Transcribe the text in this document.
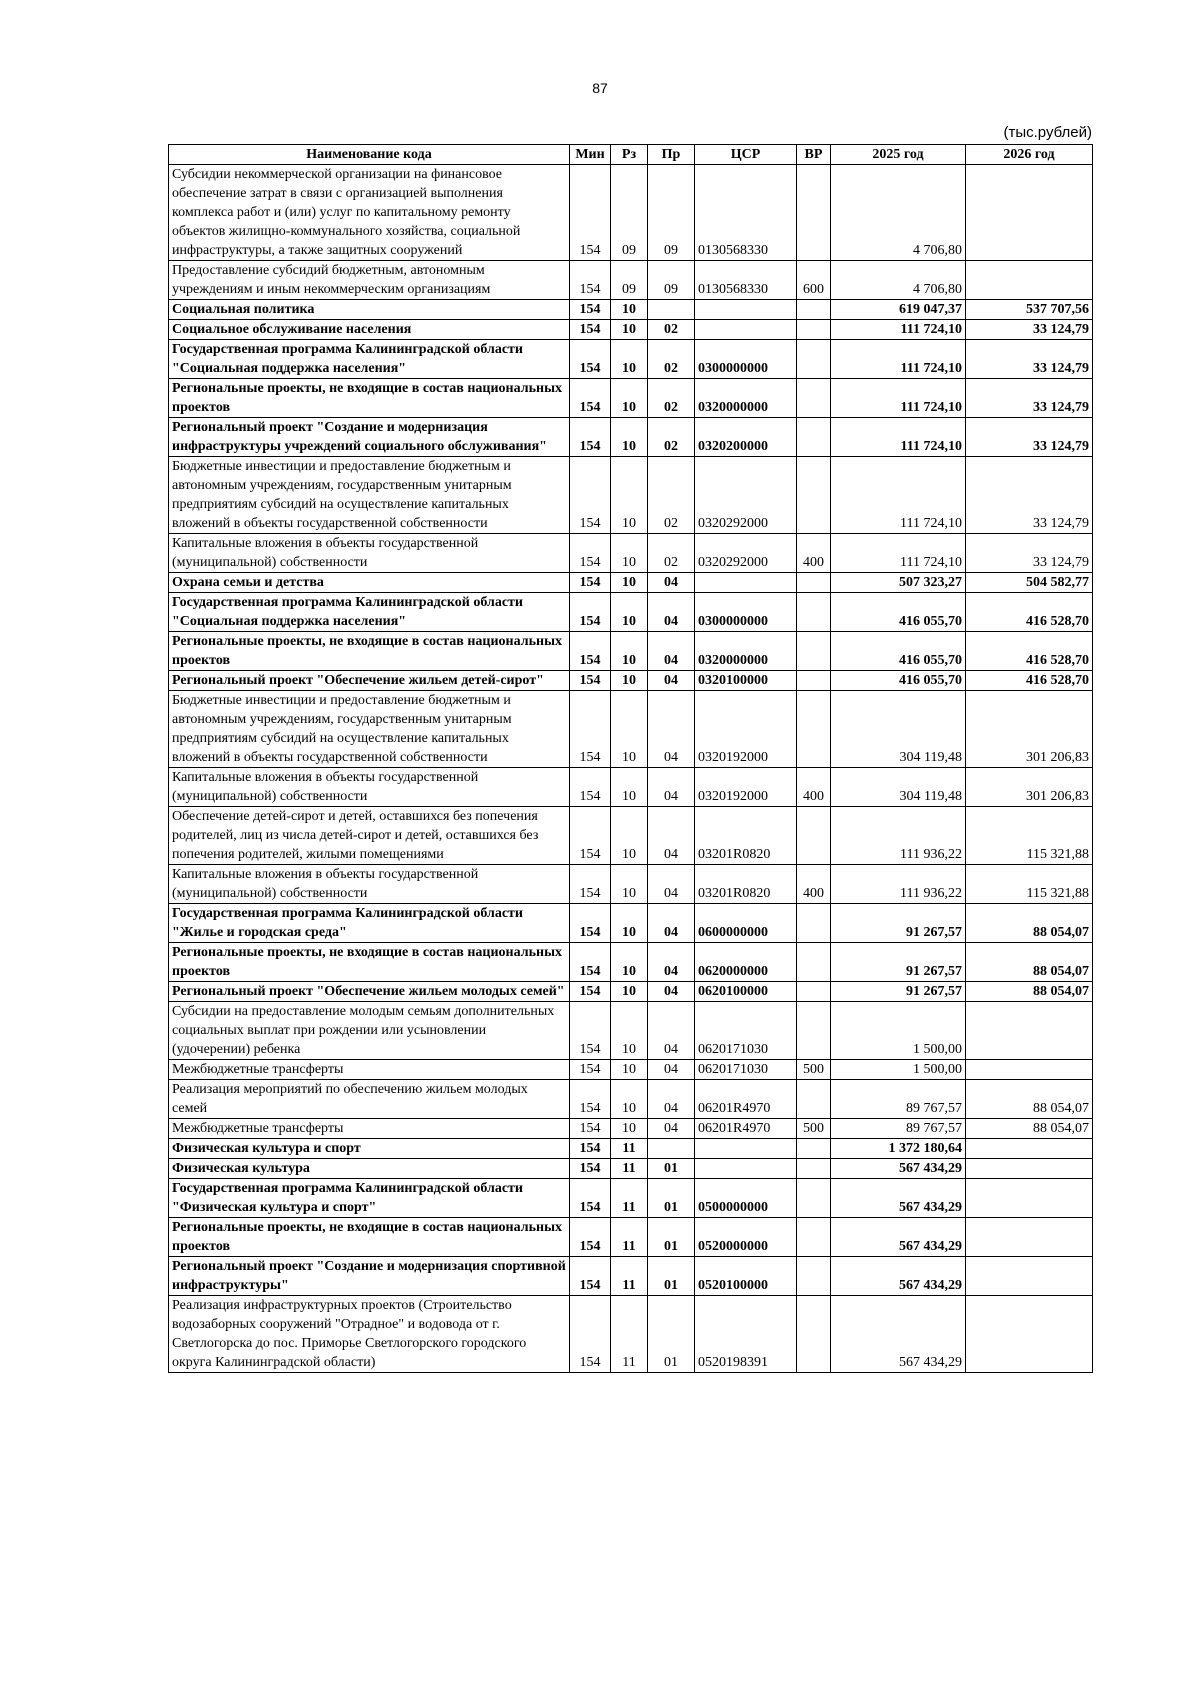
87
(тыс.рублей)
Наименование кода	Мин	Рз	Пр	ЦСР	ВР	2025 год	2026 год
Субсидии некоммерческой организации на финансовое обеспечение затрат в связи с организацией выполнения комплекса работ и (или) услуг по капитальному ремонту объектов жилищно-коммунального хозяйства, социальной инфраструктуры, а также защитных сооружений	154	09	09	0130568330		4 706,80	
Предоставление субсидий бюджетным, автономным учреждениям и иным некоммерческим организациям	154	09	09	0130568330	600	4 706,80	
Социальная политика	154	10				619 047,37	537 707,56
Социальное обслуживание населения	154	10	02			111 724,10	33 124,79
Государственная программа Калининградской области "Социальная поддержка населения"	154	10	02	0300000000		111 724,10	33 124,79
Региональные проекты, не входящие в состав национальных проектов	154	10	02	0320000000		111 724,10	33 124,79
Региональный проект "Создание и модернизация инфраструктуры учреждений социального обслуживания"	154	10	02	0320200000		111 724,10	33 124,79
Бюджетные инвестиции и предоставление бюджетным и автономным учреждениям, государственным унитарным предприятиям субсидий на осуществление капитальных вложений в объекты государственной собственности	154	10	02	0320292000		111 724,10	33 124,79
Капитальные вложения в объекты государственной (муниципальной) собственности	154	10	02	0320292000	400	111 724,10	33 124,79
Охрана семьи и детства	154	10	04			507 323,27	504 582,77
Государственная программа Калининградской области "Социальная поддержка населения"	154	10	04	0300000000		416 055,70	416 528,70
Региональные проекты, не входящие в состав национальных проектов	154	10	04	0320000000		416 055,70	416 528,70
Региональный проект "Обеспечение жильем детей-сирот"	154	10	04	0320100000		416 055,70	416 528,70
Бюджетные инвестиции и предоставление бюджетным и автономным учреждениям, государственным унитарным предприятиям субсидий на осуществление капитальных вложений в объекты государственной собственности	154	10	04	0320192000		304 119,48	301 206,83
Капитальные вложения в объекты государственной (муниципальной) собственности	154	10	04	0320192000	400	304 119,48	301 206,83
Обеспечение детей-сирот и детей, оставшихся без попечения родителей, лиц из числа детей-сирот и детей, оставшихся без попечения родителей, жилыми помещениями	154	10	04	03201R0820		111 936,22	115 321,88
Капитальные вложения в объекты государственной (муниципальной) собственности	154	10	04	03201R0820	400	111 936,22	115 321,88
Государственная программа Калининградской области "Жилье и городская среда"	154	10	04	0600000000		91 267,57	88 054,07
Региональные проекты, не входящие в состав национальных проектов	154	10	04	0620000000		91 267,57	88 054,07
Региональный проект "Обеспечение жильем молодых семей"	154	10	04	0620100000		91 267,57	88 054,07
Субсидии на предоставление молодым семьям дополнительных социальных выплат при рождении или усыновлении (удочерении) ребенка	154	10	04	0620171030		1 500,00	
Межбюджетные трансферты	154	10	04	0620171030	500	1 500,00	
Реализация мероприятий по обеспечению жильем молодых семей	154	10	04	06201R4970		89 767,57	88 054,07
Межбюджетные трансферты	154	10	04	06201R4970	500	89 767,57	88 054,07
Физическая культура и спорт	154	11				1 372 180,64	
Физическая культура	154	11	01			567 434,29	
Государственная программа Калининградской области "Физическая культура и спорт"	154	11	01	0500000000		567 434,29	
Региональные проекты, не входящие в состав национальных проектов	154	11	01	0520000000		567 434,29	
Региональный проект "Создание и модернизация спортивной инфраструктуры"	154	11	01	0520100000		567 434,29	
Реализация инфраструктурных проектов (Строительство водозаборных сооружений "Отрадное" и водовода от г. Светлогорска до пос. Приморье Светлогорского городского округа Калининградской области)	154	11	01	0520198391		567 434,29	
